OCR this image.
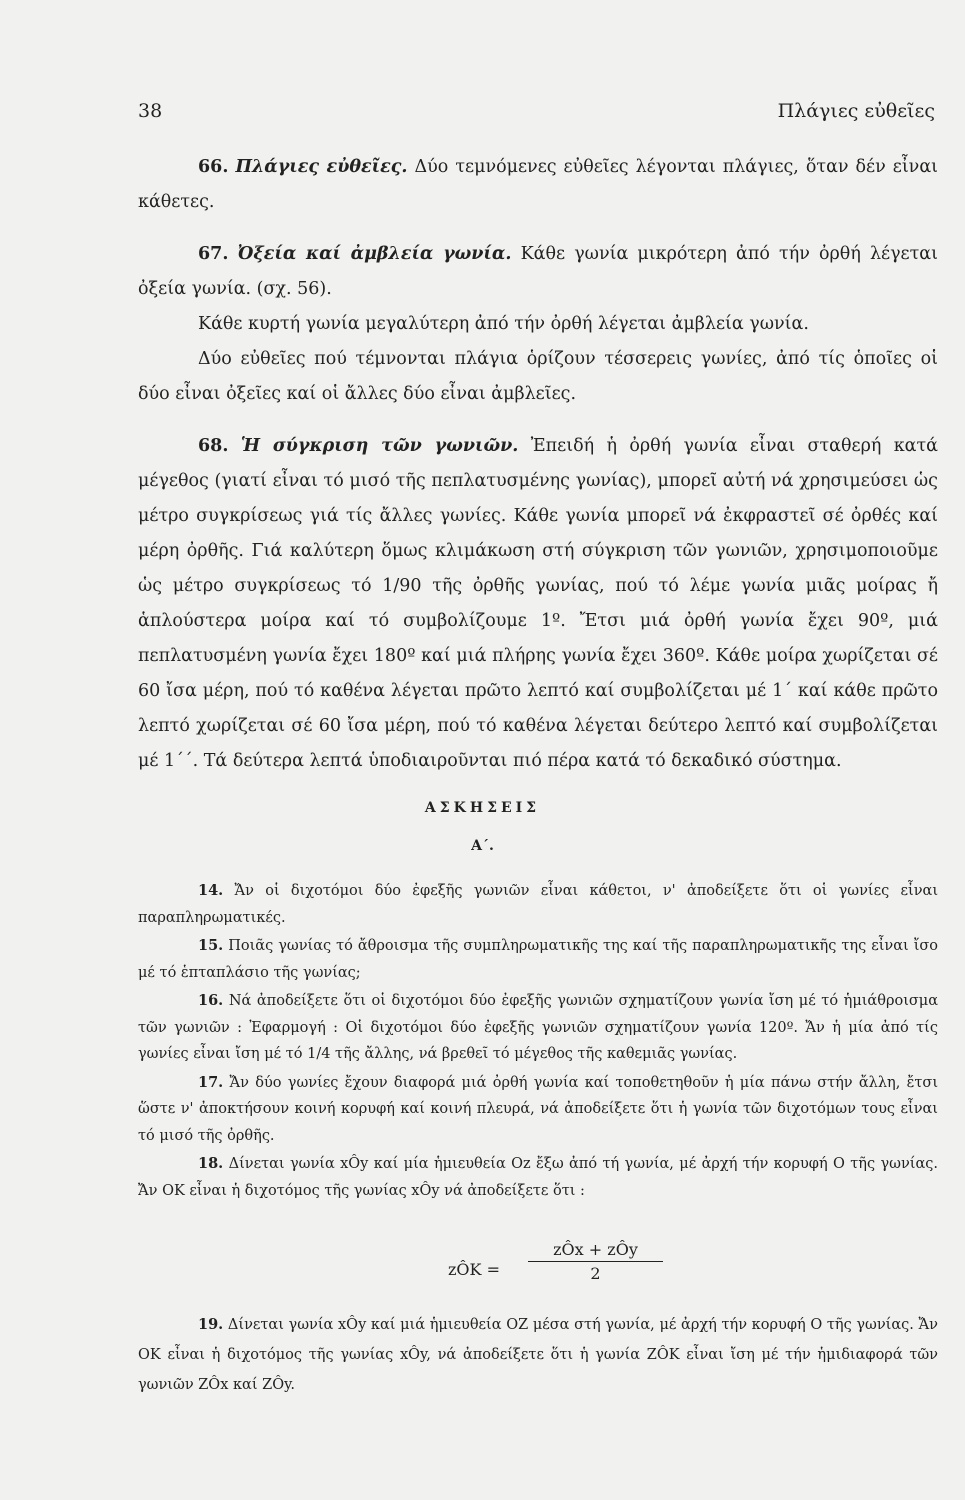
38	Πλάγιες εὐθεῖες

66. Πλάγιες εὐθεῖες. Δύο τεμνόμενες εὐθεῖες λέγονται πλάγιες, ὅταν δέν εἶναι κάθετες.

67. Ὀξεία καί ἀμβλεία γωνία. Κάθε γωνία μικρότερη ἀπό τήν ὀρθή λέγεται ὀξεία γωνία. (σχ. 56).

Κάθε κυρτή γωνία μεγαλύτερη ἀπό τήν ὀρθή λέγεται ἀμβλεία γωνία.

Δύο εὐθεῖες πού τέμνονται πλάγια ὁρίζουν τέσσερεις γωνίες, ἀπό τίς ὁποῖες οἱ δύο εἶναι ὀξεῖες καί οἱ ἄλλες δύο εἶναι ἀμβλεῖες.

68. Ἡ σύγκριση τῶν γωνιῶν. Ἐπειδή ἡ ὀρθή γωνία εἶναι σταθερή κατά μέγεθος (γιατί εἶναι τό μισό τῆς πεπλατυσμένης γωνίας), μπορεῖ αὐτή νά χρησιμεύσει ὡς μέτρο συγκρίσεως γιά τίς ἄλλες γωνίες. Κάθε γωνία μπορεῖ νά ἐκφραστεῖ σέ ὀρθές καί μέρη ὀρθῆς. Γιά καλύτερη ὅμως κλιμάκωση στή σύγκριση τῶν γωνιῶν, χρησιμοποιοῦμε ὡς μέτρο συγκρίσεως τό 1/90 τῆς ὀρθῆς γωνίας, πού τό λέμε γωνία μιᾶς μοίρας ἤ ἁπλούστερα μοίρα καί τό συμβολίζουμε 1º. Ἔτσι μιά ὀρθή γωνία ἔχει 90º, μιά πεπλατυσμένη γωνία ἔχει 180º καί μιά πλήρης γωνία ἔχει 360º. Κάθε μοίρα χωρίζεται σέ 60 ἴσα μέρη, πού τό καθένα λέγεται πρῶτο λεπτό καί συμβολίζεται μέ 1΄ καί κάθε πρῶτο λεπτό χωρίζεται σέ 60 ἴσα μέρη, πού τό καθένα λέγεται δεύτερο λεπτό καί συμβολίζεται μέ 1΄΄. Τά δεύτερα λεπτά ὑποδιαιροῦνται πιό πέρα κατά τό δεκαδικό σύστημα.

ΑΣΚΗΣΕΙΣ
Α΄.

14. Ἄν οἱ διχοτόμοι δύο ἐφεξῆς γωνιῶν εἶναι κάθετοι, ν' ἀποδείξετε ὅτι οἱ γωνίες εἶναι παραπληρωματικές.

15. Ποιᾶς γωνίας τό ἄθροισμα τῆς συμπληρωματικῆς της καί τῆς παραπληρωματικῆς της εἶναι ἴσο μέ τό ἑπταπλάσιο τῆς γωνίας;

16. Νά ἀποδείξετε ὅτι οἱ διχοτόμοι δύο ἐφεξῆς γωνιῶν σχηματίζουν γωνία ἴση μέ τό ἡμιάθροισμα τῶν γωνιῶν : Ἐφαρμογή : Οἱ διχοτόμοι δύο ἐφεξῆς γωνιῶν σχηματίζουν γωνία 120º. Ἄν ἡ μία ἀπό τίς γωνίες εἶναι ἴση μέ τό 1/4 τῆς ἄλλης, νά βρεθεῖ τό μέγεθος τῆς καθεμιᾶς γωνίας.

17. Ἄν δύο γωνίες ἔχουν διαφορά μιά ὀρθή γωνία καί τοποθετηθοῦν ἡ μία πάνω στήν ἄλλη, ἔτσι ὥστε ν' ἀποκτήσουν κοινή κορυφή καί κοινή πλευρά, νά ἀποδείξετε ὅτι ἡ γωνία τῶν διχοτόμων τους εἶναι τό μισό τῆς ὀρθῆς.

18. Δίνεται γωνία xÔy καί μία ἡμιευθεία Oz ἔξω ἀπό τή γωνία, μέ ἀρχή τήν κορυφή O τῆς γωνίας. Ἄν OK εἶναι ἡ διχοτόμος τῆς γωνίας xÔy νά ἀποδείξετε ὅτι :

zÔK =
zÔx + zÔy
2

19. Δίνεται γωνία xÔy καί μιά ἡμιευθεία OZ μέσα στή γωνία, μέ ἀρχή τήν κορυφή O τῆς γωνίας. Ἄν OK εἶναι ἡ διχοτόμος τῆς γωνίας xÔy, νά ἀποδείξετε ὅτι ἡ γωνία ZÔK εἶναι ἴση μέ τήν ἡμιδιαφορά τῶν γωνιῶν ZÔx καί ZÔy.
